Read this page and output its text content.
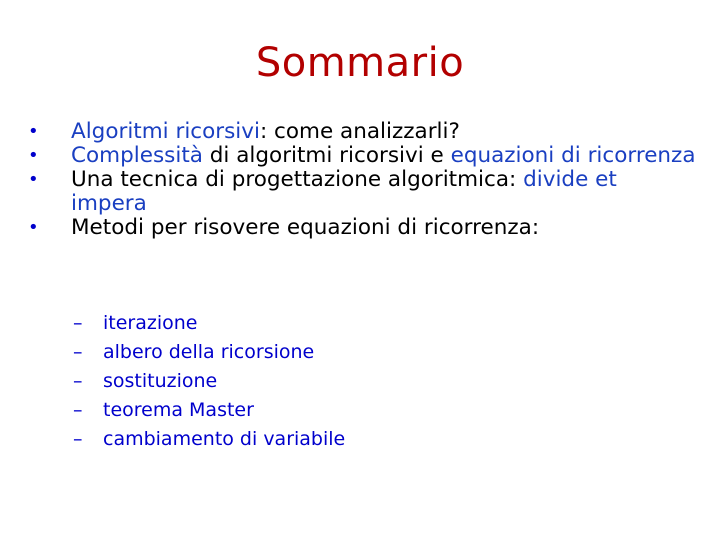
Sommario
•	Algoritmi ricorsivi: come analizzarli?
•	Complessità di algoritmi ricorsivi e equazioni di ricorrenza
•	Una tecnica di progettazione algoritmica: divide et impera
•	Metodi per risovere equazioni di ricorrenza:
– iterazione
– albero della ricorsione
– sostituzione
– teorema Master
– cambiamento di variabile
